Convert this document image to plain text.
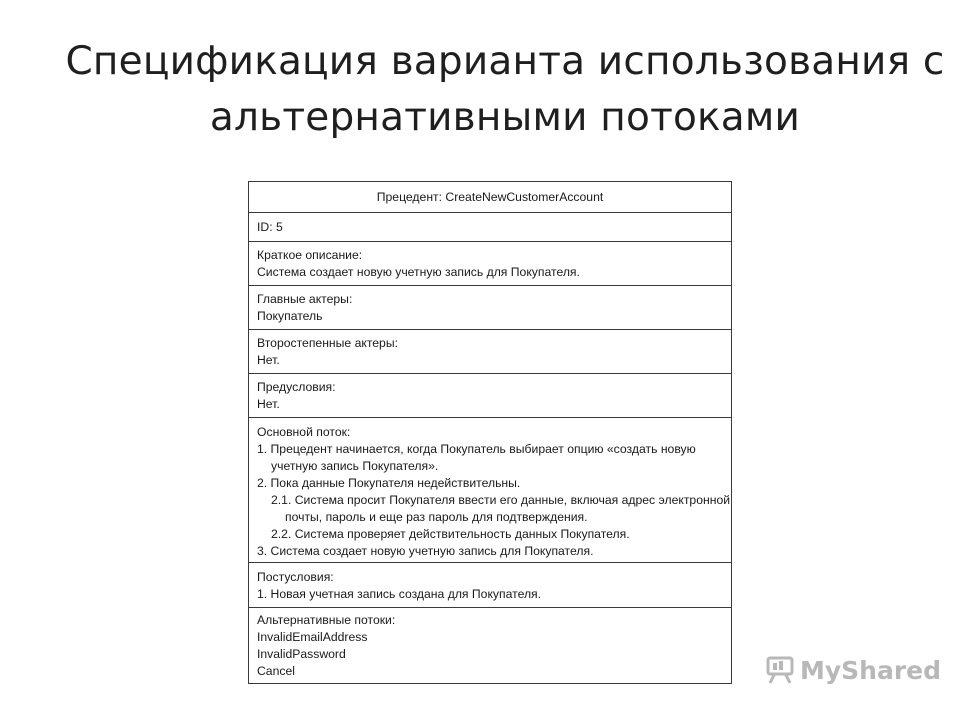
Спецификация варианта использования с
альтернативными потоками
Прецедент: CreateNewCustomerAccount
ID: 5
Краткое описание:
Система создает новую учетную запись для Покупателя.
Главные актеры:
Покупатель
Второстепенные актеры:
Нет.
Предусловия:
Нет.
Основной поток:
1. Прецедент начинается, когда Покупатель выбирает опцию «создать новую
учетную запись Покупателя».
2. Пока данные Покупателя недействительны.
2.1. Система просит Покупателя ввести его данные, включая адрес электронной
почты, пароль и еще раз пароль для подтверждения.
2.2. Система проверяет действительность данных Покупателя.
3. Система создает новую учетную запись для Покупателя.
Постусловия:
1. Новая учетная запись создана для Покупателя.
Альтернативные потоки:
InvalidEmailAddress
InvalidPassword
Cancel	MyShared
